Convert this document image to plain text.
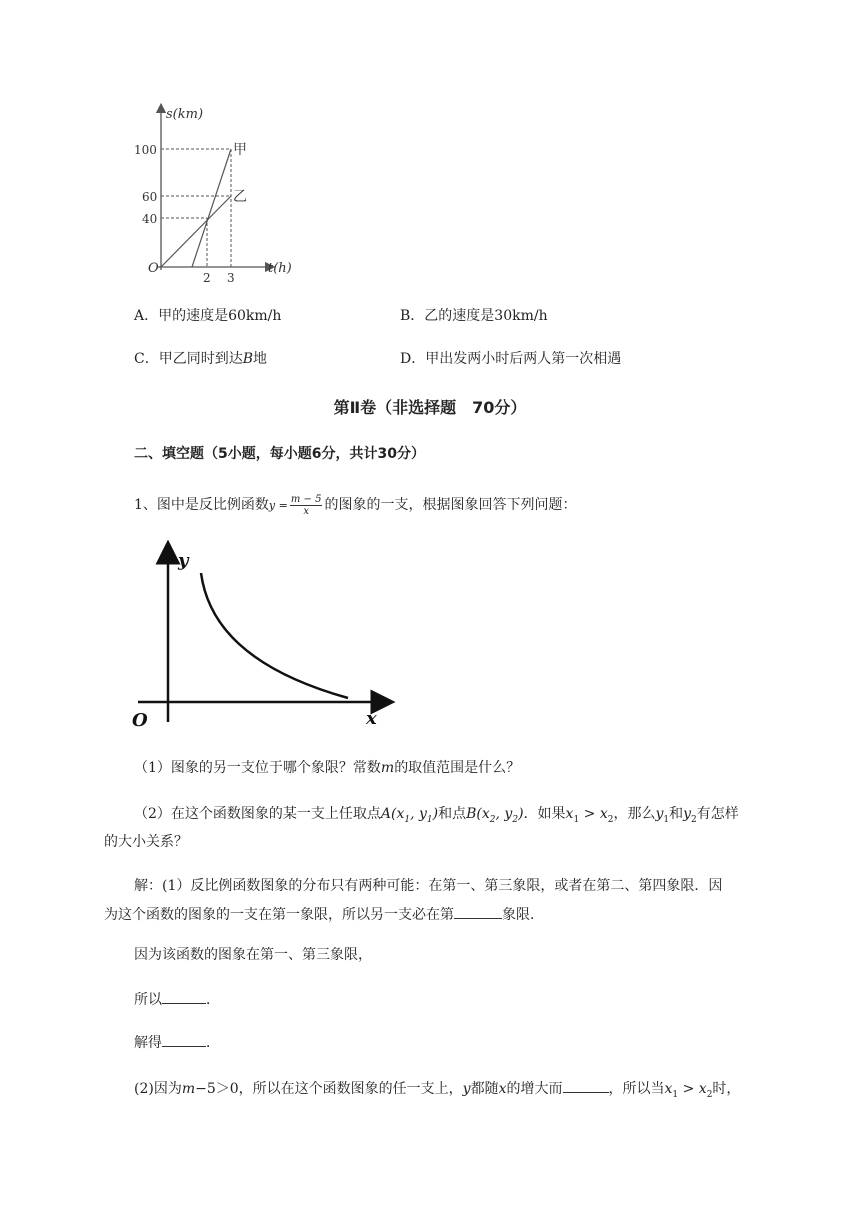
s(km)
t(h)
O
100
60
40
2 3
甲
乙
A．甲的速度是60km/h	B．乙的速度是30km/h
C．甲乙同时到达B地	D．甲出发两小时后两人第一次相遇
第Ⅱ卷（非选择题　70分）
二、填空题（5小题，每小题6分，共计30分）
1、图中是反比例函数$y = \frac{m - 5}{x}$ 的图象的一支，根据图象回答下列问题：
y
x
O
（1）图象的另一支位于哪个象限？常数m的取值范围是什么？
（2）在这个函数图象的某一支上任取点$A(x_1$, $y_1$)和点$B(x_2$, $y_2$)．如果$x_1 > x_2$，那么$y_1$和$y_2$有怎样
的大小关系？
解：(1）反比例函数图象的分布只有两种可能：在第一、第三象限，或者在第二、第四象限．因
为这个函数的图象的一支在第一象限，所以另一支必在第	象限．
因为该函数的图象在第一、第三象限，
所以	．
解得	．
(2)因为m−5＞0，所以在这个函数图象的任一支上，y都随x的增大而	，所以当$x_1 > x_2$时，
